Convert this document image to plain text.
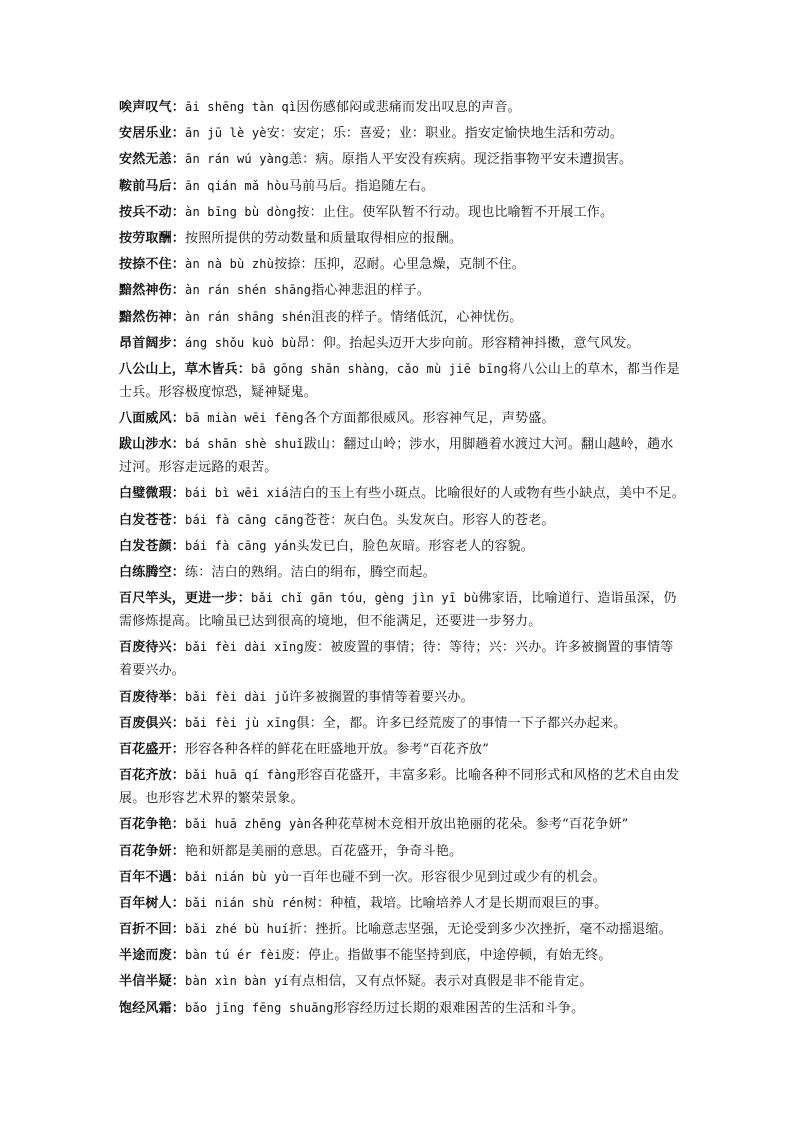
唉声叹气：āi shēng tàn qì因伤感郁闷或悲痛而发出叹息的声音。

安居乐业：ān jū lè yè安：安定；乐：喜爱；业：职业。指安定愉快地生活和劳动。

安然无恙：ān rán wú yàng恙：病。原指人平安没有疾病。现泛指事物平安未遭损害。

鞍前马后：ān qián mǎ hòu马前马后。指追随左右。

按兵不动：àn bīng bù dòng按：止住。使军队暂不行动。现也比喻暂不开展工作。

按劳取酬：按照所提供的劳动数量和质量取得相应的报酬。

按捺不住：àn nà bù zhù按捺：压抑，忍耐。心里急燥，克制不住。

黯然神伤：àn rán shén shāng指心神悲沮的样子。

黯然伤神：àn rán shāng shén沮丧的样子。情绪低沉，心神忧伤。

昂首阔步：áng shǒu kuò bù昂：仰。抬起头迈开大步向前。形容精神抖擞，意气风发。

八公山上，草木皆兵：bā gōng shān shàng，cǎo mù jiē bīng将八公山上的草木，都当作是士兵。形容极度惊恐，疑神疑鬼。

八面威风：bā miàn wēi fēng各个方面都很威风。形容神气足，声势盛。

跋山涉水：bá shān shè shuǐ跋山：翻过山岭；涉水，用脚趟着水渡过大河。翻山越岭，趟水过河。形容走远路的艰苦。

白璧微瑕：bái bì wēi xiá洁白的玉上有些小斑点。比喻很好的人或物有些小缺点，美中不足。

白发苍苍：bái fà cāng cāng苍苍：灰白色。头发灰白。形容人的苍老。

白发苍颜：bái fà cāng yán头发已白，脸色灰暗。形容老人的容貌。

白练腾空：练：洁白的熟绢。洁白的绢布，腾空而起。

百尺竿头，更进一步：bǎi chǐ gān tóu，gèng jìn yī bù佛家语，比喻道行、造诣虽深，仍需修炼提高。比喻虽已达到很高的境地，但不能满足，还要进一步努力。

百废待兴：bǎi fèi dài xīng废：被废置的事情；待：等待；兴：兴办。许多被搁置的事情等着要兴办。

百废待举：bǎi fèi dài jǔ许多被搁置的事情等着要兴办。

百废俱兴：bǎi fèi jù xīng俱：全，都。许多已经荒废了的事情一下子都兴办起来。

百花盛开：形容各种各样的鲜花在旺盛地开放。参考“百花齐放”

百花齐放：bǎi huā qí fàng形容百花盛开，丰富多彩。比喻各种不同形式和风格的艺术自由发展。也形容艺术界的繁荣景象。

百花争艳：bǎi huā zhēng yàn各种花草树木竞相开放出艳丽的花朵。参考“百花争妍”

百花争妍：艳和妍都是美丽的意思。百花盛开，争奇斗艳。

百年不遇：bǎi nián bù yù一百年也碰不到一次。形容很少见到过或少有的机会。

百年树人：bǎi nián shù rén树：种植，栽培。比喻培养人才是长期而艰巨的事。

百折不回：bǎi zhé bù huí折：挫折。比喻意志坚强，无论受到多少次挫折，毫不动摇退缩。

半途而废：bàn tú ér fèi废：停止。指做事不能坚持到底，中途停顿，有始无终。

半信半疑：bàn xìn bàn yí有点相信，又有点怀疑。表示对真假是非不能肯定。

饱经风霜：bǎo jīng fēng shuāng形容经历过长期的艰难困苦的生活和斗争。
